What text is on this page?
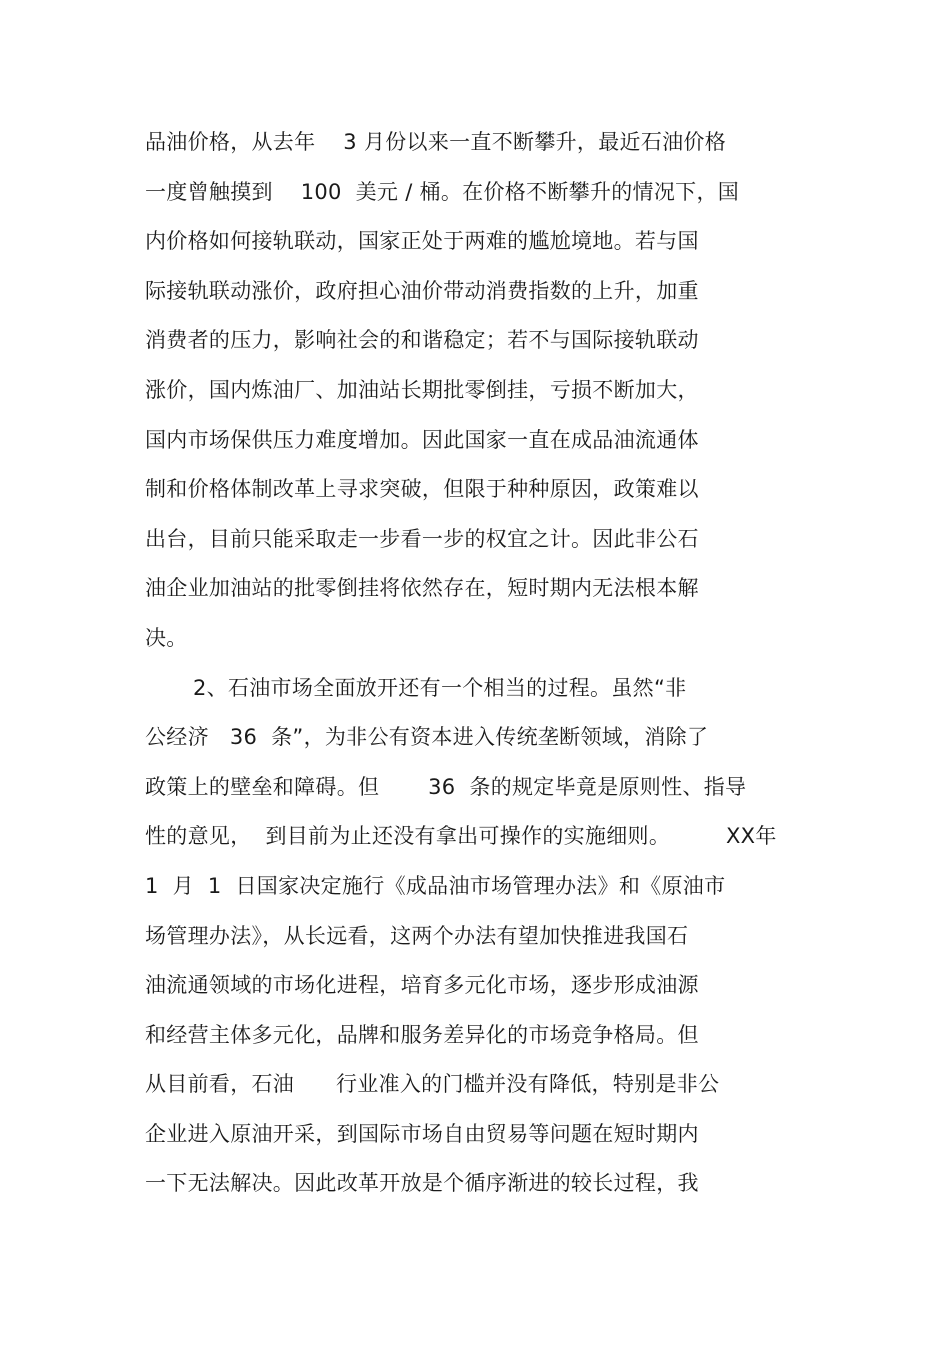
品油价格，从去年    3 月份以来一直不断攀升，最近石油价格
一度曾触摸到    100  美元 / 桶。在价格不断攀升的情况下，国
内价格如何接轨联动，国家正处于两难的尴尬境地。若与国
际接轨联动涨价，政府担心油价带动消费指数的上升，加重
消费者的压力，影响社会的和谐稳定；若不与国际接轨联动
涨价，国内炼油厂、加油站长期批零倒挂，亏损不断加大，
国内市场保供压力难度增加。因此国家一直在成品油流通体
制和价格体制改革上寻求突破，但限于种种原因，政策难以
出台，目前只能采取走一步看一步的权宜之计。因此非公石
油企业加油站的批零倒挂将依然存在，短时期内无法根本解
决。
2、石油市场全面放开还有一个相当的过程。虽然“非
公经济   36  条”，为非公有资本进入传统垄断领域，消除了
政策上的壁垒和障碍。但       36  条的规定毕竟是原则性、指导
性的意见，  到目前为止还没有拿出可操作的实施细则。        XX年
1  月  1  日国家决定施行《成品油市场管理办法》和《原油市
场管理办法》，从长远看，这两个办法有望加快推进我国石
油流通领域的市场化进程，培育多元化市场，逐步形成油源
和经营主体多元化，品牌和服务差异化的市场竞争格局。但
从目前看，石油      行业准入的门槛并没有降低，特别是非公
企业进入原油开采，到国际市场自由贸易等问题在短时期内
一下无法解决。因此改革开放是个循序渐进的较长过程，我
